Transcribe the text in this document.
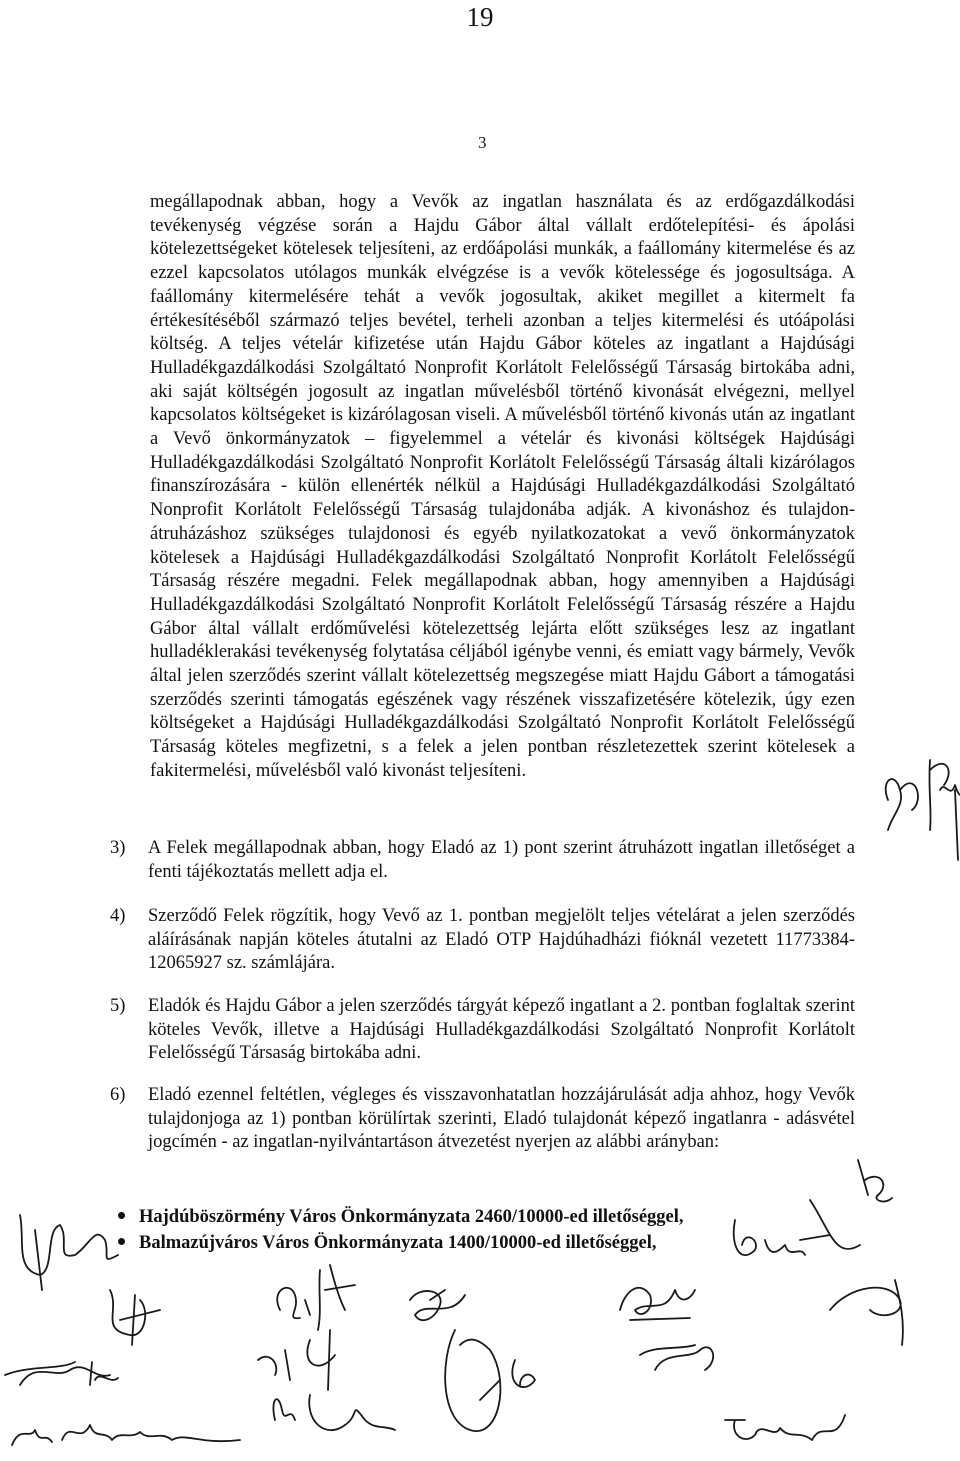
19
3

megállapodnak abban, hogy a Vevők az ingatlan használata és az erdőgazdálkodási tevékenység végzése során a Hajdu Gábor által vállalt erdőtelepítési- és ápolási kötelezettségeket kötelesek teljesíteni, az erdőápolási munkák, a faállomány kitermelése és az ezzel kapcsolatos utólagos munkák elvégzése is a vevők kötelessége és jogosultsága. A faállomány kitermelésére tehát a vevők jogosultak, akiket megillet a kitermelt fa értékesítéséből származó teljes bevétel, terheli azonban a teljes kitermelési és utóápolási költség. A teljes vételár kifizetése után Hajdu Gábor köteles az ingatlant a Hajdúsági Hulladékgazdálkodási Szolgáltató Nonprofit Korlátolt Felelősségű Társaság birtokába adni, aki saját költségén jogosult az ingatlan művelésből történő kivonását elvégezni, mellyel kapcsolatos költségeket is kizárólagosan viseli. A művelésből történő kivonás után az ingatlant a Vevő önkormányzatok – figyelemmel a vételár és kivonási költségek Hajdúsági Hulladékgazdálkodási Szolgáltató Nonprofit Korlátolt Felelősségű Társaság általi kizárólagos finanszírozására - külön ellenérték nélkül a Hajdúsági Hulladékgazdálkodási Szolgáltató Nonprofit Korlátolt Felelősségű Társaság tulajdonába adják. A kivonáshoz és tulajdon-átruházáshoz szükséges tulajdonosi és egyéb nyilatkozatokat a vevő önkormányzatok kötelesek a Hajdúsági Hulladékgazdálkodási Szolgáltató Nonprofit Korlátolt Felelősségű Társaság részére megadni. Felek megállapodnak abban, hogy amennyiben a Hajdúsági Hulladékgazdálkodási Szolgáltató Nonprofit Korlátolt Felelősségű Társaság részére a Hajdu Gábor által vállalt erdőművelési kötelezettség lejárta előtt szükséges lesz az ingatlant hulladéklerakási tevékenység folytatása céljából igénybe venni, és emiatt vagy bármely, Vevők által jelen szerződés szerint vállalt kötelezettség megszegése miatt Hajdu Gábort a támogatási szerződés szerinti támogatás egészének vagy részének visszafizetésére kötelezik, úgy ezen költségeket a Hajdúsági Hulladékgazdálkodási Szolgáltató Nonprofit Korlátolt Felelősségű Társaság köteles megfizetni, s a felek a jelen pontban részletezettek szerint kötelesek a fakitermelési, művelésből való kivonást teljesíteni.

3)	A Felek megállapodnak abban, hogy Eladó az 1) pont szerint átruházott ingatlan illetőséget a fenti tájékoztatás mellett adja el.
4)	Szerződő Felek rögzítik, hogy Vevő az 1. pontban megjelölt teljes vételárat a jelen szerződés aláírásának napján köteles átutalni az Eladó OTP Hajdúhadházi fióknál vezetett 11773384-12065927 sz. számlájára.
5)	Eladók és Hajdu Gábor a jelen szerződés tárgyát képező ingatlant a 2. pontban foglaltak szerint köteles Vevők, illetve a Hajdúsági Hulladékgazdálkodási Szolgáltató Nonprofit Korlátolt Felelősségű Társaság birtokába adni.
6)	Eladó ezennel feltétlen, végleges és visszavonhatatlan hozzájárulását adja ahhoz, hogy Vevők tulajdonjoga az 1) pontban körülírtak szerinti, Eladó tulajdonát képező ingatlanra - adásvétel jogcímén - az ingatlan-nyilvántartáson átvezetést nyerjen az alábbi arányban:
Hajdúböszörmény Város Önkormányzata 2460/10000-ed illetőséggel,
Balmazújváros Város Önkormányzata 1400/10000-ed illetőséggel,
